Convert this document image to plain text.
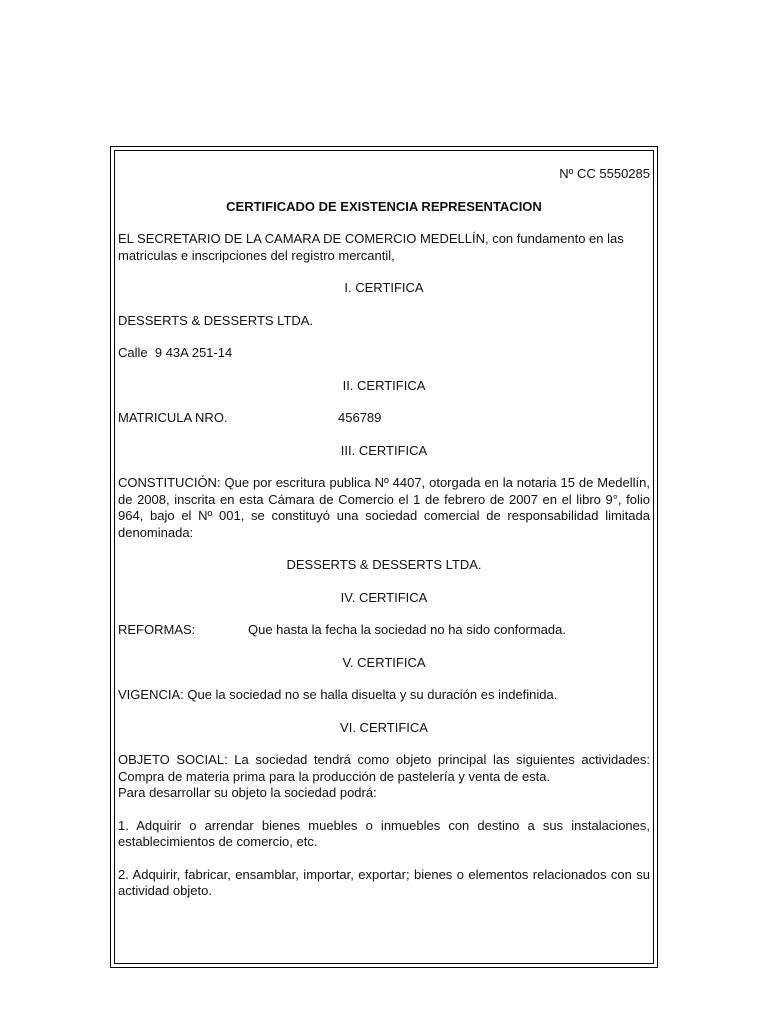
Nº CC 5550285

CERTIFICADO DE EXISTENCIA REPRESENTACION

EL SECRETARIO DE LA CAMARA DE COMERCIO MEDELLÍN, con fundamento en las matriculas e inscripciones del registro mercantil,

I. CERTIFICA

DESSERTS & DESSERTS LTDA.

Calle  9 43A 251-14

II. CERTIFICA

MATRICULA NRO.	456789

III. CERTIFICA

CONSTITUCIÓN: Que por escritura publica Nº 4407, otorgada en la notaria 15 de Medellín, de 2008, inscrita en esta Cámara de Comercio el 1 de febrero de 2007 en el libro 9°, folio 964, bajo el Nº 001, se constituyó una sociedad comercial de responsabilidad limitada denominada:

DESSERTS & DESSERTS LTDA.

IV. CERTIFICA

REFORMAS:	Que hasta la fecha la sociedad no ha sido conformada.

V. CERTIFICA

VIGENCIA: Que la sociedad no se halla disuelta y su duración es indefinida.

VI. CERTIFICA

OBJETO SOCIAL: La sociedad tendrá como objeto principal las siguientes actividades: Compra de materia prima para la producción de pastelería y venta de esta.

Para desarrollar su objeto la sociedad podrá:

1. Adquirir o arrendar bienes muebles o inmuebles con destino a sus instalaciones, establecimientos de comercio, etc.

2. Adquirir, fabricar, ensamblar, importar, exportar; bienes o elementos relacionados con su actividad objeto.
